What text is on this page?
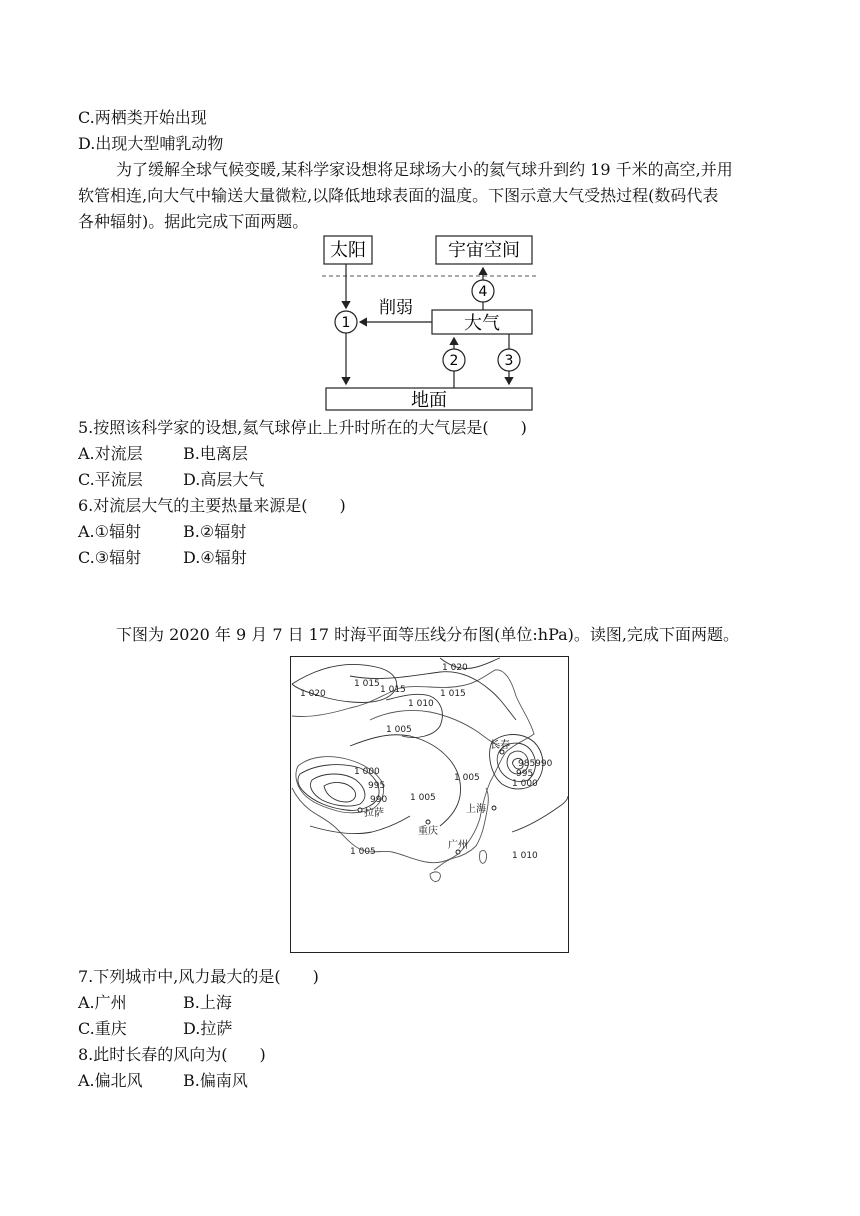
C.两栖类开始出现
D.出现大型哺乳动物
为了缓解全球气候变暖,某科学家设想将足球场大小的氦气球升到约 19 千米的高空,并用
软管相连,向大气中输送大量微粒,以降低地球表面的温度。下图示意大气受热过程(数码代表
各种辐射)。据此完成下面两题。
太阳	宇宙空间
1	大气
削弱
4
地面
2	3
5.按照该科学家的设想,氦气球停止上升时所在的大气层是(　　)
A.对流层	B.电离层
C.平流层	D.高层大气
6.对流层大气的主要热量来源是(　　)
A.①辐射	B.②辐射
C.③辐射	D.④辐射
下图为 2020 年 9 月 7 日 17 时海平面等压线分布图(单位:hPa)。读图,完成下面两题。
1 020
1 020
1 015
1 015	1 015
1 010
1 010
1 005
1 005
1 005
1 005
1 000
1 000
995
995
990
985990
长春
拉萨	上海
重庆
广州
7.下列城市中,风力最大的是(　　)
A.广州	B.上海
C.重庆	D.拉萨
8.此时长春的风向为(　　)
A.偏北风	B.偏南风
